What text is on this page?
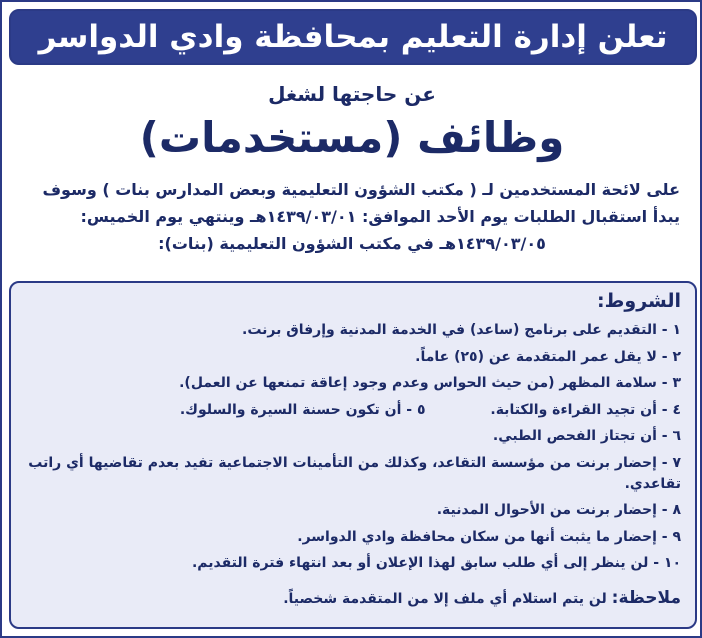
تعلن إدارة التعليم بمحافظة وادي الدواسر
عن حاجتها لشغل
وظائف (مستخدمات)
على لائحة المستخدمين لـ ( مكتب الشؤون التعليمية وبعض المدارس بنات ) وسوف
يبدأ استقبال الطلبات يوم الأحد الموافق: ١٤٣٩/٠٣/٠١هـ وينتهي يوم الخميس:
١٤٣٩/٠٣/٠٥هـ في مكتب الشؤون التعليمية (بنات):
الشروط:
١ - التقديم على برنامج (ساعد) في الخدمة المدنية وإرفاق برنت.
٢ - لا يقل عمر المتقدمة عن (٢٥) عاماً.
٣ - سلامة المظهر (من حيث الحواس وعدم وجود إعاقة تمنعها عن العمل).
٤ - أن تجيد القراءة والكتابة. ٥ - أن تكون حسنة السيرة والسلوك.
٦ - أن تجتاز الفحص الطبي.
٧ - إحضار برنت من مؤسسة التقاعد، وكذلك من التأمينات الاجتماعية تفيد بعدم تقاضيها أي راتب تقاعدي.
٨ - إحضار برنت من الأحوال المدنية.
٩ - إحضار ما يثبت أنها من سكان محافظة وادي الدواسر.
١٠ - لن ينظر إلى أي طلب سابق لهذا الإعلان أو بعد انتهاء فترة التقديم.
ملاحظة: لن يتم استلام أي ملف إلا من المتقدمة شخصياً.
